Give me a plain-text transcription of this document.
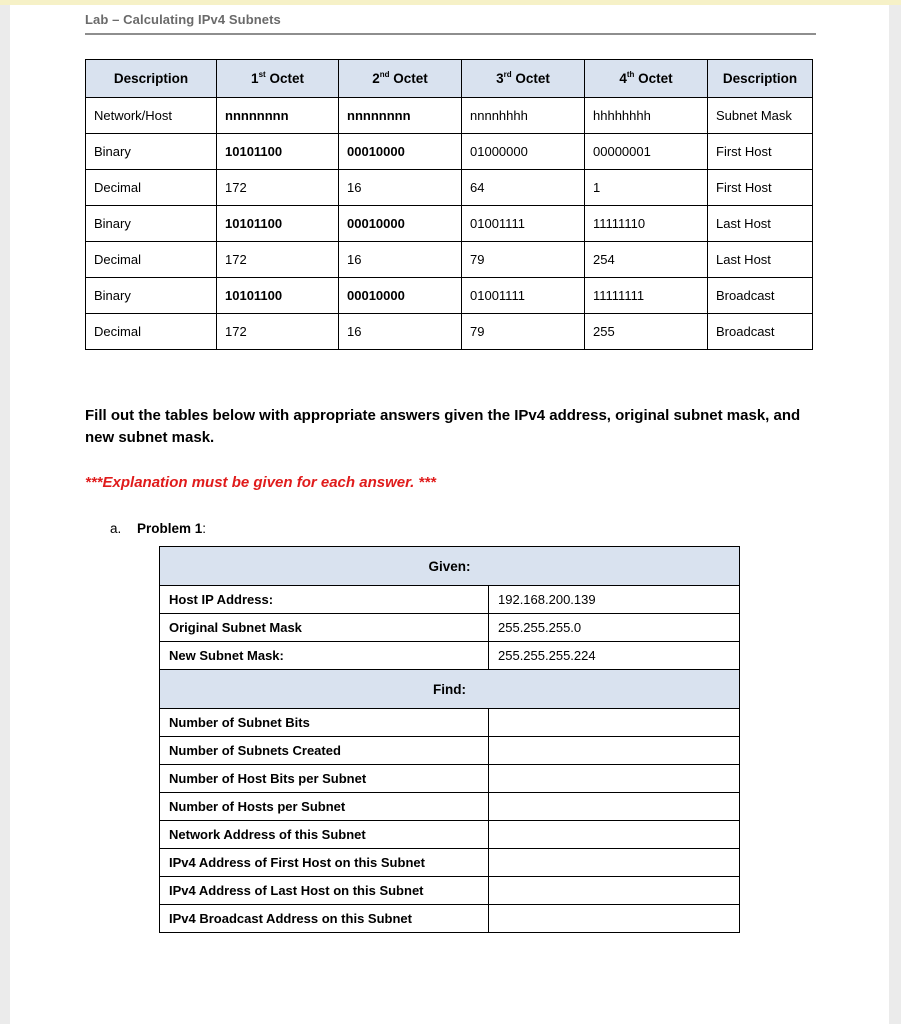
Lab – Calculating IPv4 Subnets
Description	1st Octet	2nd Octet	3rd Octet	4th Octet	Description
Network/Host	nnnnnnnn	nnnnnnnn	nnnnhhhh	hhhhhhhh	Subnet Mask
Binary	10101100	00010000	01000000	00000001	First Host
Decimal	172	16	64	1	First Host
Binary	10101100	00010000	01001111	11111110	Last Host
Decimal	172	16	79	254	Last Host
Binary	10101100	00010000	01001111	11111111	Broadcast
Decimal	172	16	79	255	Broadcast
Fill out the tables below with appropriate answers given the IPv4 address, original subnet mask, and new subnet mask.
***Explanation must be given for each answer. ***
a. Problem 1:
Given:	
Host IP Address:	192.168.200.139
Original Subnet Mask	255.255.255.0
New Subnet Mask:	255.255.255.224
Find:	
Number of Subnet Bits	
Number of Subnets Created	
Number of Host Bits per Subnet	
Number of Hosts per Subnet	
Network Address of this Subnet	
IPv4 Address of First Host on this Subnet	
IPv4 Address of Last Host on this Subnet	
IPv4 Broadcast Address on this Subnet	
